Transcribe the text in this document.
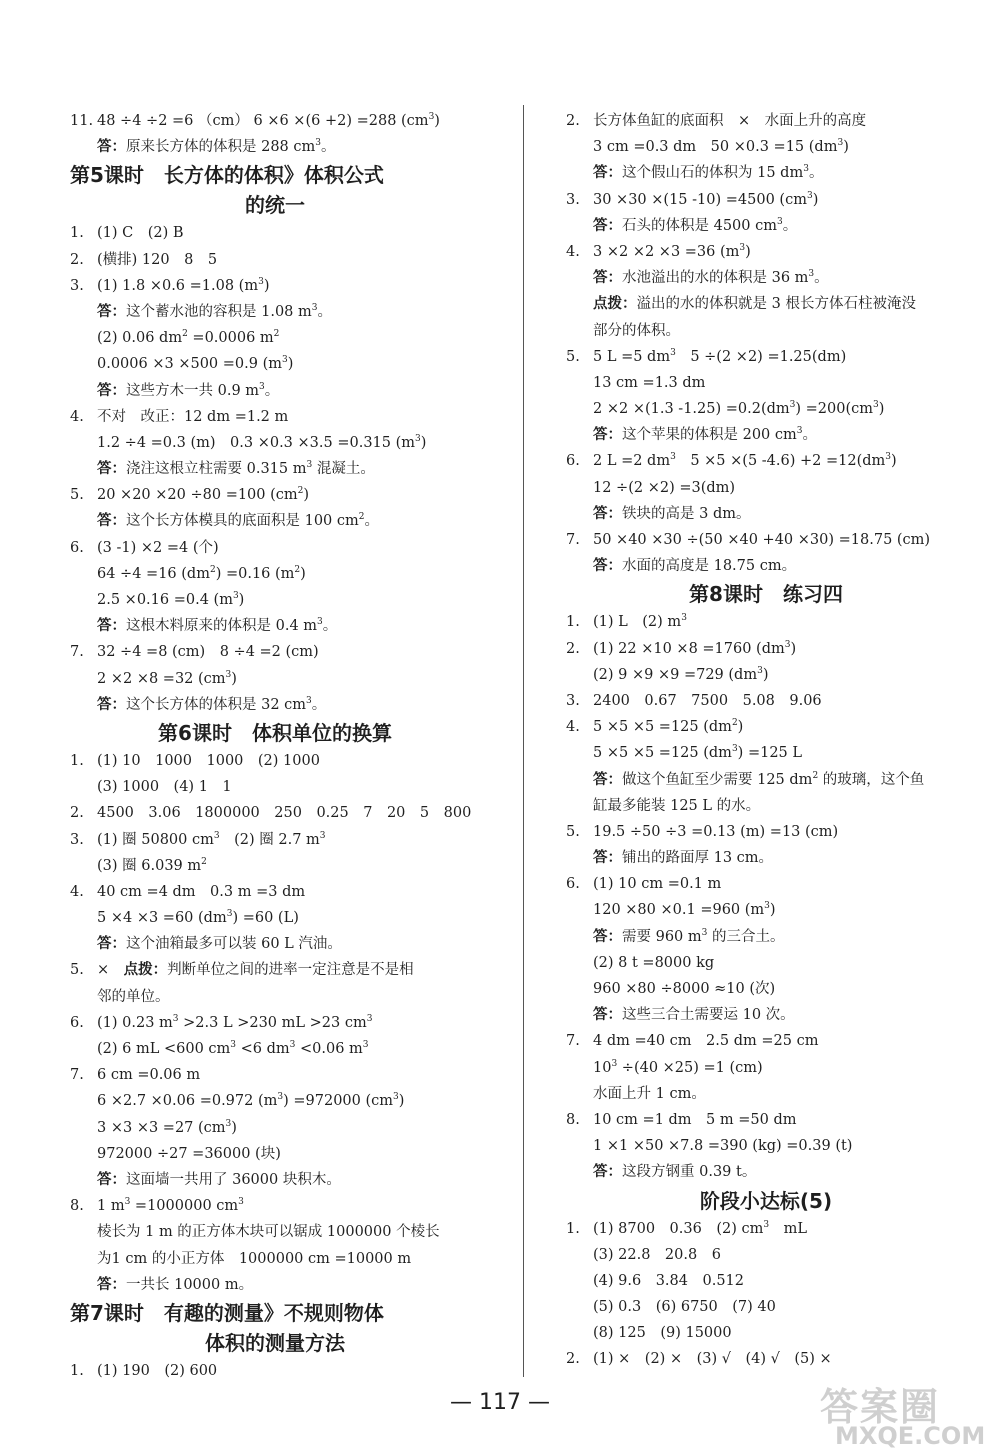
11. 48 ÷4 ÷2 =6 （cm） 6 ×6 ×(6 +2) =288 $(cm^3)$
答：原来长方体的体积是 288 $cm^3$。
第5课时　长方体的体积》体积公式
的统一
1. (1) C　(2) B
2. (横排) 120　8　5
3. (1) 1.8 ×0.6 =1.08 $(m^3)$
答：这个蓄水池的容积是 1.08 $m^3$。
(2) 0.06 $dm^2 =0.0006$ $m^2$
0.0006 ×3 ×500 =0.9 $(m^3)$
答：这些方木一共 0.9 $m^3$。
4. 不对　改正：12 dm =1.2 m
1.2 ÷4 =0.3 (m)　0.3 ×0.3 ×3.5 =0.315 $(m^3)$
答：浇注这根立柱需要 0.315 $m^3$ 混凝土。
5. 20 ×20 ×20 ÷80 =100 $(cm^2)$
答：这个长方体模具的底面积是 100 $cm^2$。
6. (3 -1) ×2 =4 (个)
64 ÷4 =16 $(dm^2) =0.16$ $(m^2)$
2.5 ×0.16 =0.4 $(m^3)$
答：这根木料原来的体积是 0.4 $m^3$。
7. 32 ÷4 =8 (cm)　8 ÷4 =2 (cm)
2 ×2 ×8 =32 $(cm^3)$
答：这个长方体的体积是 32 $cm^3$。
第6课时　体积单位的换算
1. (1) 10　1000　1000　(2) 1000
(3) 1000　(4) 1　1
2. 4500　3.06　1800000　250　0.25　7　20　5　800
3. (1) 圈 50800 $cm^3$　(2) 圈 2.7 $m^3$
(3) 圈 6.039 $m^2$
4. 40 cm =4 dm　0.3 m =3 dm
5 ×4 ×3 =60 $(dm^3) =60$ (L)
答：这个油箱最多可以装 60 L 汽油。
5. ×　点拨：判断单位之间的进率一定注意是不是相
邻的单位。
6. (1) 0.23 $m^3 >2.3$ L >230 mL >23 $cm^3$
(2) 6 mL <600 $cm^3 <6$ $dm^3 <0.06$ $m^3$
7. 6 cm =0.06 m
6 ×2.7 ×0.06 =0.972 $(m^3) =972000$ $(cm^3)$
3 ×3 ×3 =27 $(cm^3)$
972000 ÷27 =36000 (块)
答：这面墙一共用了 36000 块积木。
8. 1 $m^3 =1000000$ $cm^3$
棱长为 1 m 的正方体木块可以锯成 1000000 个棱长
为1 cm 的小正方体　1000000 cm =10000 m
答：一共长 10000 m。
第7课时　有趣的测量》不规则物体
体积的测量方法
1. (1) 190　(2) 600
2. 长方体鱼缸的底面积　×　水面上升的高度
3 cm =0.3 dm　50 ×0.3 =15 $(dm^3)$
答：这个假山石的体积为 15 $dm^3$。
3. 30 ×30 ×(15 -10) =4500 $(cm^3)$
答：石头的体积是 4500 $cm^3$。
4. 3 ×2 ×2 ×3 =36 $(m^3)$
答：水池溢出的水的体积是 36 $m^3$。
点拨：溢出的水的体积就是 3 根长方体石柱被淹没
部分的体积。
5. 5 L =5 $dm^3$　5 ÷(2 ×2) =1.25(dm)
13 cm =1.3 dm
2 ×2 ×(1.3 $-1.25) =0.2(dm^3) =200(cm^3)$
答：这个苹果的体积是 200 $cm^3$。
6. 2 L =2 $dm^3$　5 ×5 ×(5 $-4.6) +2 =12(dm^3)$
12 ÷(2 ×2) =3(dm)
答：铁块的高是 3 dm。
7. 50 ×40 ×30 ÷(50 ×40 +40 ×30) =18.75 (cm)
答：水面的高度是 18.75 cm。
第8课时　练习四
1. (1) L　(2) $m^3$
2. (1) 22 ×10 ×8 =1760 $(dm^3)$
(2) 9 ×9 ×9 =729 $(dm^3)$
3. 2400　0.67　7500　5.08　9.06
4. 5 ×5 ×5 =125 $(dm^2)$
5 ×5 ×5 =125 $(dm^3) =125$ L
答：做这个鱼缸至少需要 125 $dm^2$ 的玻璃，这个鱼
缸最多能装 125 L 的水。
5. 19.5 ÷50 ÷3 =0.13 (m) =13 (cm)
答：铺出的路面厚 13 cm。
6. (1) 10 cm =0.1 m
120 ×80 ×0.1 =960 $(m^3)$
答：需要 960 $m^3$ 的三合土。
(2) 8 t =8000 kg
960 ×80 ÷8000 ≈10 (次)
答：这些三合土需要运 10 次。
7. 4 dm =40 cm　2.5 dm =25 cm
$10^3 \div(40 \times 25) =1$ (cm)
水面上升 1 cm。
8. 10 cm =1 dm　5 m =50 dm
1 ×1 ×50 ×7.8 =390 (kg) =0.39 (t)
答：这段方钢重 0.39 t。
阶段小达标(5)
1. (1) 8700　0.36　(2) $cm^3$　mL
(3) 22.8　20.8　6
(4) 9.6　3.84　0.512
(5) 0.3　(6) 6750　(7) 40
(8) 125　(9) 15000
2. (1) ×　(2) ×　(3) √　(4) √　(5) ×
— 117 —	答案圈
MXQE.COM
